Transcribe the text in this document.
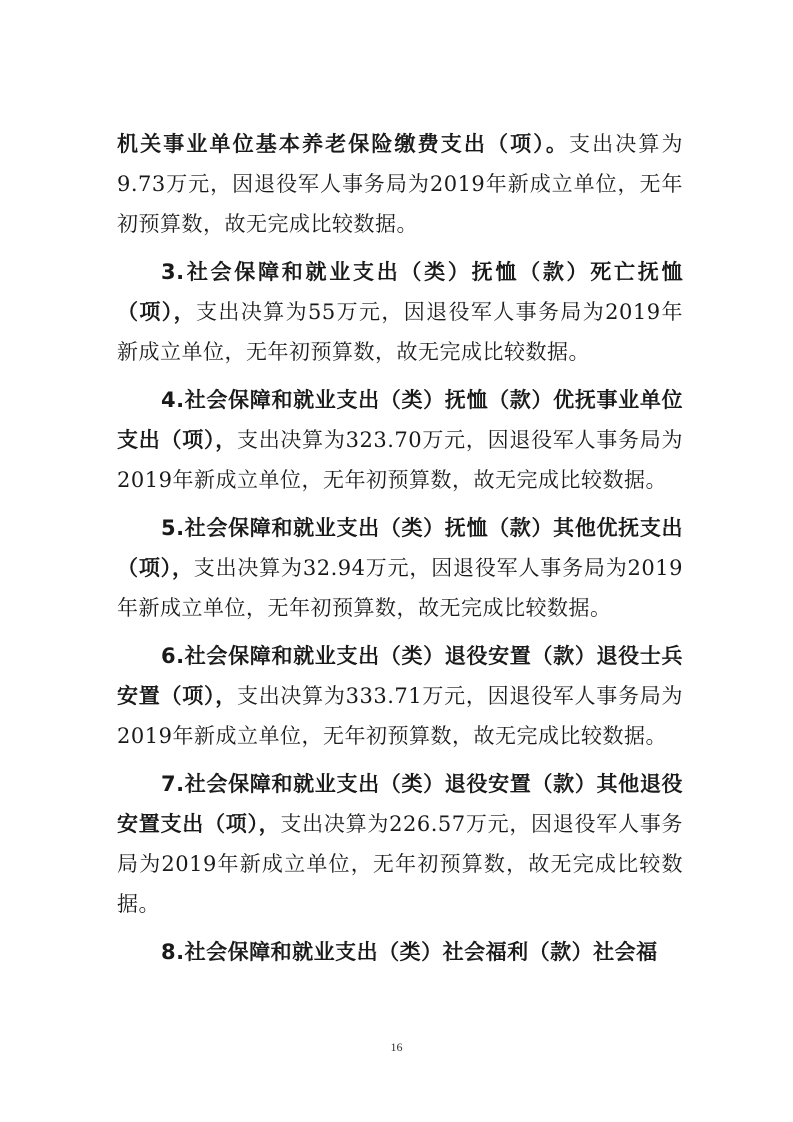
机关事业单位基本养老保险缴费支出（项）。支出决算为9.73万元，因退役军人事务局为2019年新成立单位，无年初预算数，故无完成比较数据。

3.社会保障和就业支出（类）抚恤（款）死亡抚恤（项），支出决算为55万元，因退役军人事务局为2019年新成立单位，无年初预算数，故无完成比较数据。

4.社会保障和就业支出（类）抚恤（款）优抚事业单位支出（项），支出决算为323.70万元，因退役军人事务局为2019年新成立单位，无年初预算数，故无完成比较数据。

5.社会保障和就业支出（类）抚恤（款）其他优抚支出（项），支出决算为32.94万元，因退役军人事务局为2019年新成立单位，无年初预算数，故无完成比较数据。

6.社会保障和就业支出（类）退役安置（款）退役士兵安置（项），支出决算为333.71万元，因退役军人事务局为2019年新成立单位，无年初预算数，故无完成比较数据。

7.社会保障和就业支出（类）退役安置（款）其他退役安置支出（项），支出决算为226.57万元，因退役军人事务局为2019年新成立单位，无年初预算数，故无完成比较数据。

8.社会保障和就业支出（类）社会福利（款）社会福

16
